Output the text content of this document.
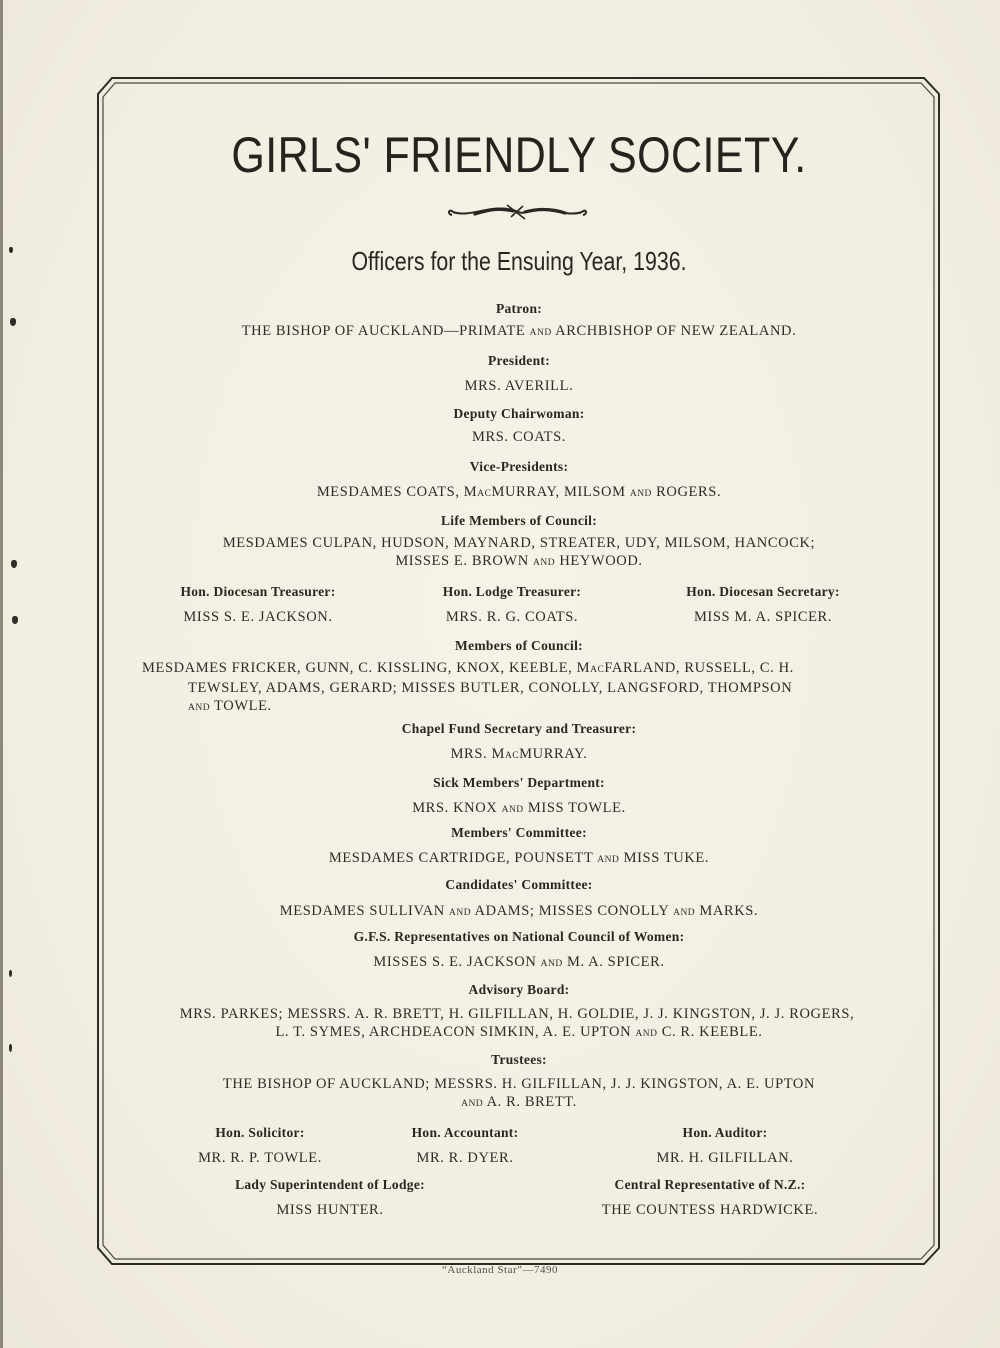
GIRLS' FRIENDLY SOCIETY.
Officers for the Ensuing Year, 1936.
Patron:
THE BISHOP OF AUCKLAND—PRIMATE AND ARCHBISHOP OF NEW ZEALAND.
President:
MRS. AVERILL.
Deputy Chairwoman:
MRS. COATS.
Vice-Presidents:
MESDAMES COATS, MACMURRAY, MILSOM AND ROGERS.
Life Members of Council:
MESDAMES CULPAN, HUDSON, MAYNARD, STREATER, UDY, MILSOM, HANCOCK;
MISSES E. BROWN AND HEYWOOD.
Hon. Diocesan Treasurer:
MISS S. E. JACKSON.
Hon. Lodge Treasurer:
MRS. R. G. COATS.
Hon. Diocesan Secretary:
MISS M. A. SPICER.
Members of Council:
MESDAMES FRICKER, GUNN, C. KISSLING, KNOX, KEEBLE, MACFARLAND, RUSSELL, C. H.
TEWSLEY, ADAMS, GERARD; MISSES BUTLER, CONOLLY, LANGSFORD, THOMPSON
AND TOWLE.
Chapel Fund Secretary and Treasurer:
MRS. MACMURRAY.
Sick Members' Department:
MRS. KNOX AND MISS TOWLE.
Members' Committee:
MESDAMES CARTRIDGE, POUNSETT AND MISS TUKE.
Candidates' Committee:
MESDAMES SULLIVAN AND ADAMS; MISSES CONOLLY AND MARKS.
G.F.S. Representatives on National Council of Women:
MISSES S. E. JACKSON AND M. A. SPICER.
Advisory Board:
MRS. PARKES; MESSRS. A. R. BRETT, H. GILFILLAN, H. GOLDIE, J. J. KINGSTON, J. J. ROGERS,
L. T. SYMES, ARCHDEACON SIMKIN, A. E. UPTON AND C. R. KEEBLE.
Trustees:
THE BISHOP OF AUCKLAND; MESSRS. H. GILFILLAN, J. J. KINGSTON, A. E. UPTON
AND A. R. BRETT.
Hon. Solicitor:
MR. R. P. TOWLE.
Hon. Accountant:
MR. R. DYER.
Hon. Auditor:
MR. H. GILFILLAN.
Lady Superintendent of Lodge:
MISS HUNTER.
Central Representative of N.Z.:
THE COUNTESS HARDWICKE.
“Auckland Star”—7490
